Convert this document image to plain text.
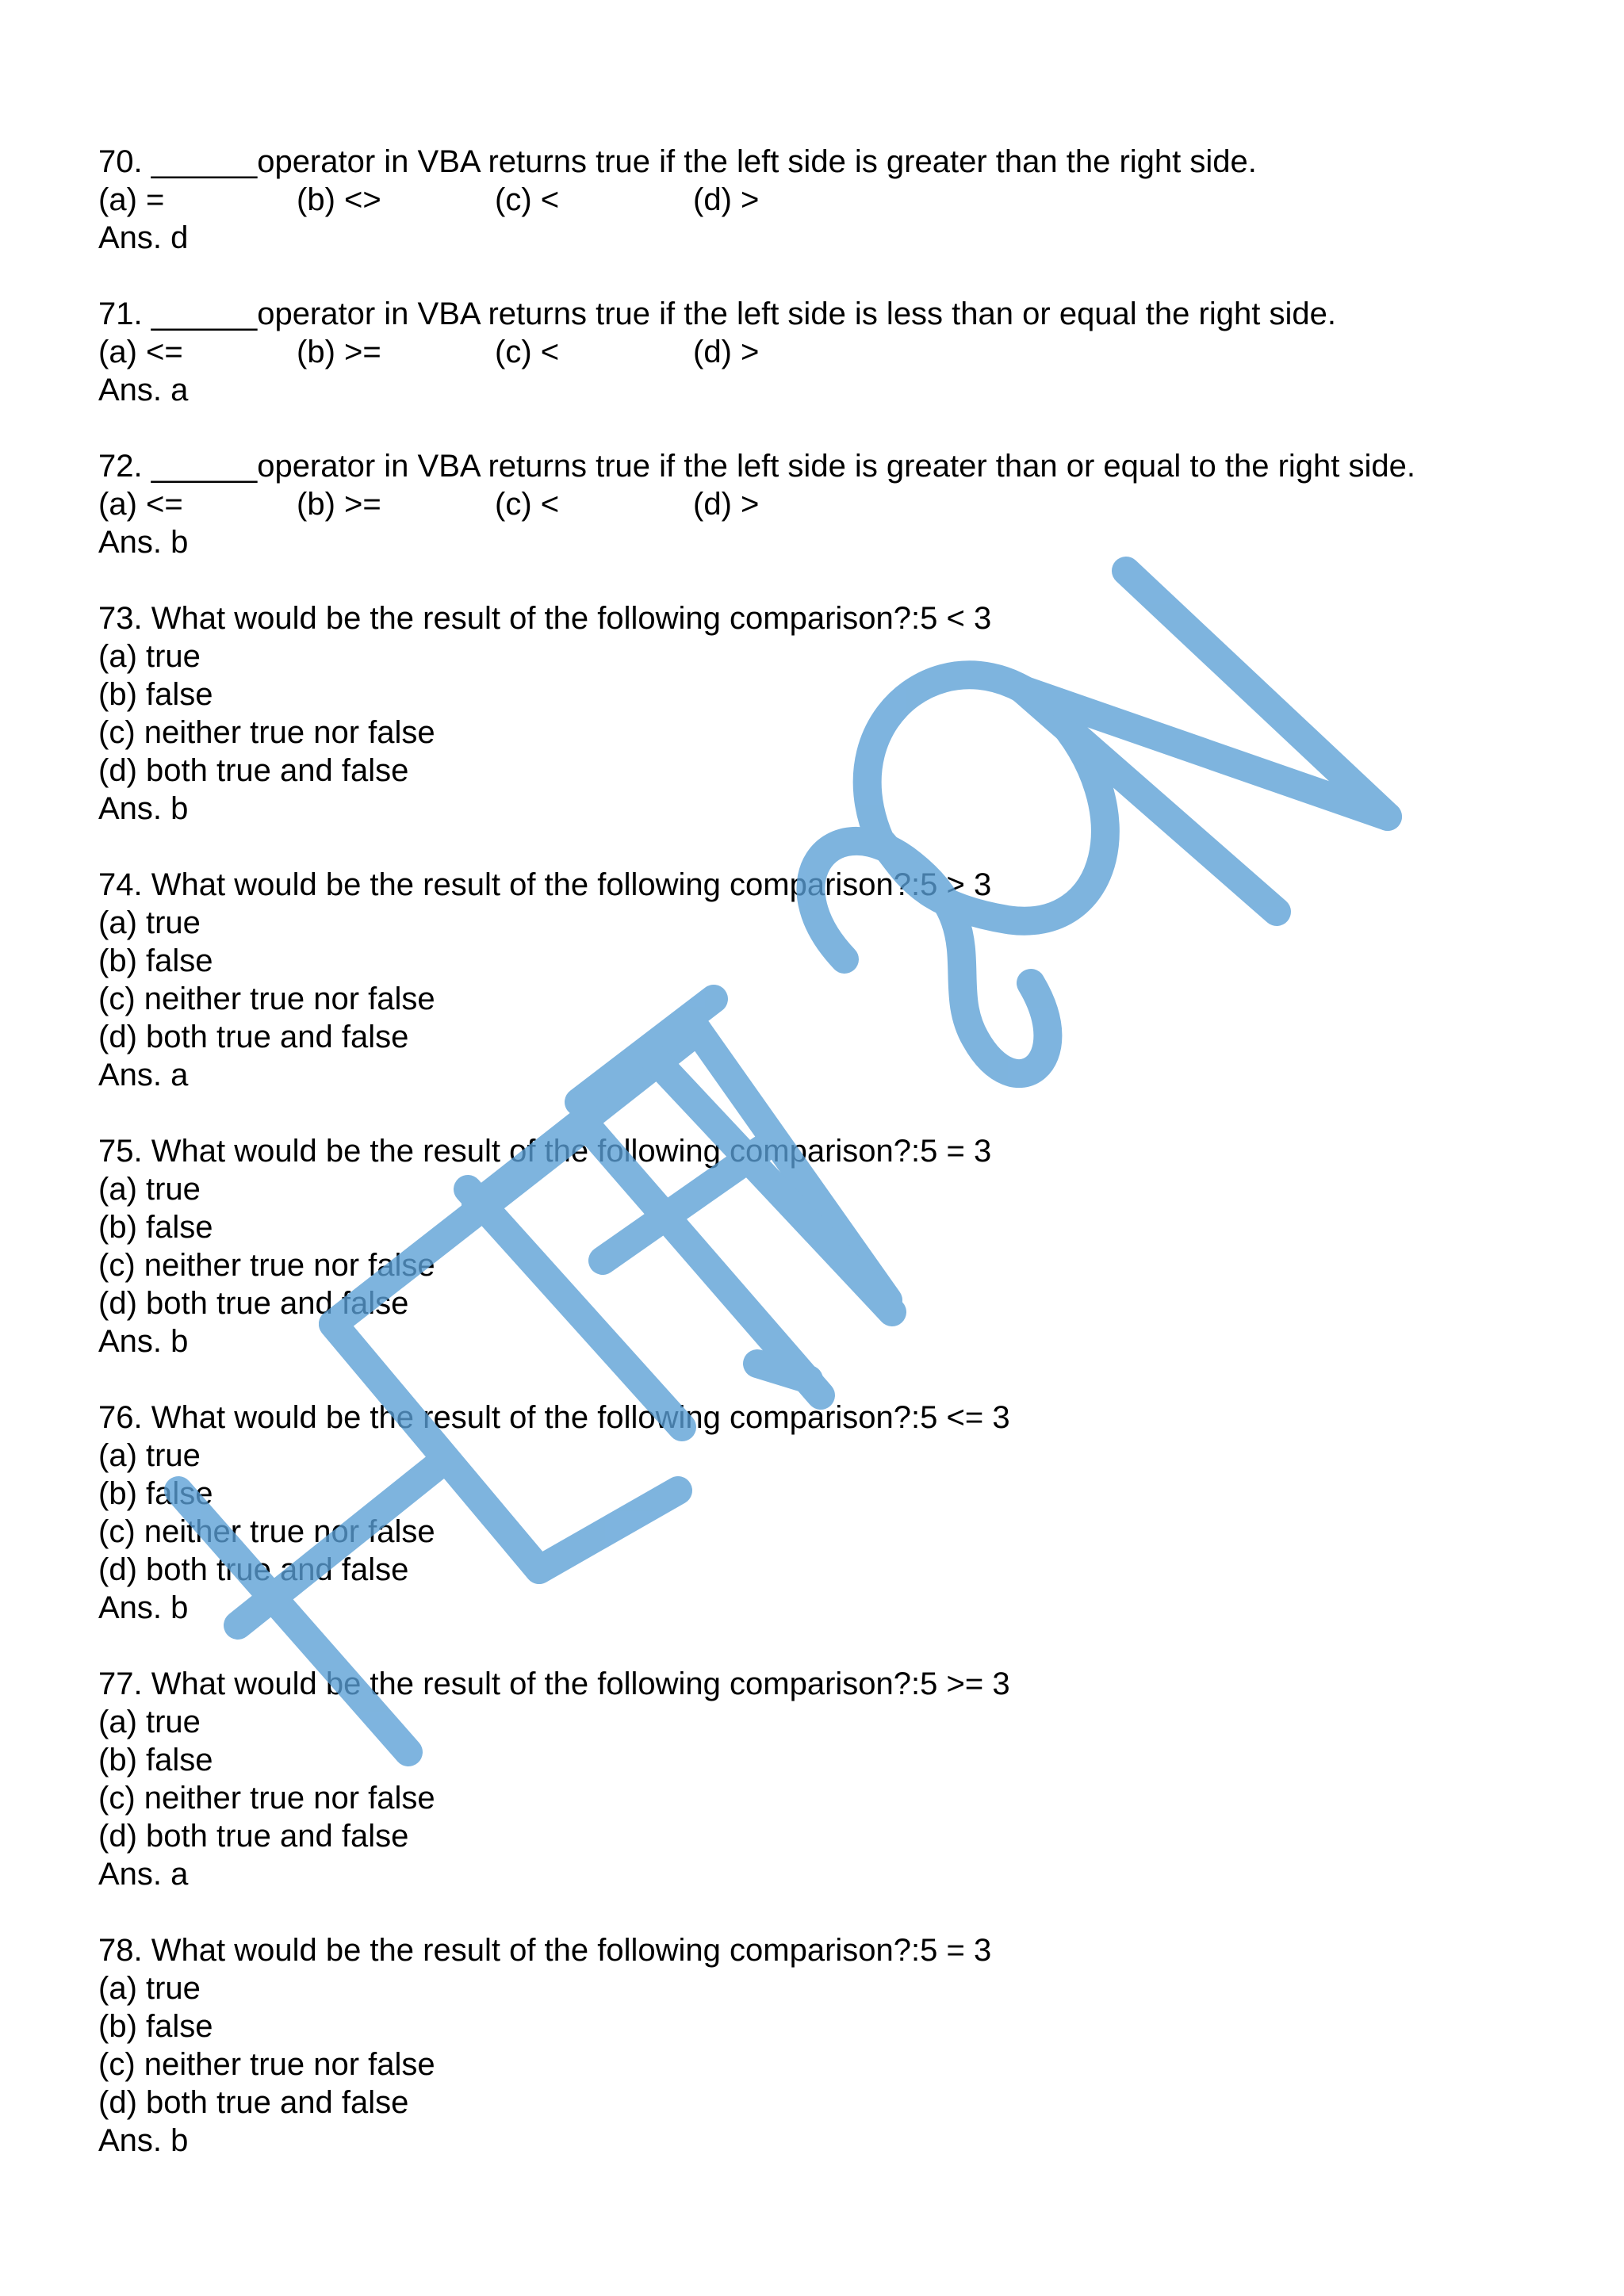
70. ______operator in VBA returns true if the left side is greater than the right side.
(a) =	(b) <>	(c) <	(d) >
Ans. d
71. ______operator in VBA returns true if the left side is less than or equal the right side.
(a) <=	(b) >=	(c) <	(d) >
Ans. a
72. ______operator in VBA returns true if the left side is greater than or equal to the right side.
(a) <=	(b) >=	(c) <	(d) >
Ans. b
73. What would be the result of the following comparison?:5 < 3
(a) true
(b) false
(c) neither true nor false
(d) both true and false
Ans. b
74. What would be the result of the following comparison?:5 > 3
(a) true
(b) false
(c) neither true nor false
(d) both true and false
Ans. a
75. What would be the result of the following comparison?:5 = 3
(a) true
(b) false
(c) neither true nor false
(d) both true and false
Ans. b
76. What would be the result of the following comparison?:5 <= 3
(a) true
(b) false
(c) neither true nor false
(d) both true and false
Ans. b
77. What would be the result of the following comparison?:5 >= 3
(a) true
(b) false
(c) neither true nor false
(d) both true and false
Ans. a
78. What would be the result of the following comparison?:5 = 3
(a) true
(b) false
(c) neither true nor false
(d) both true and false
Ans. b
